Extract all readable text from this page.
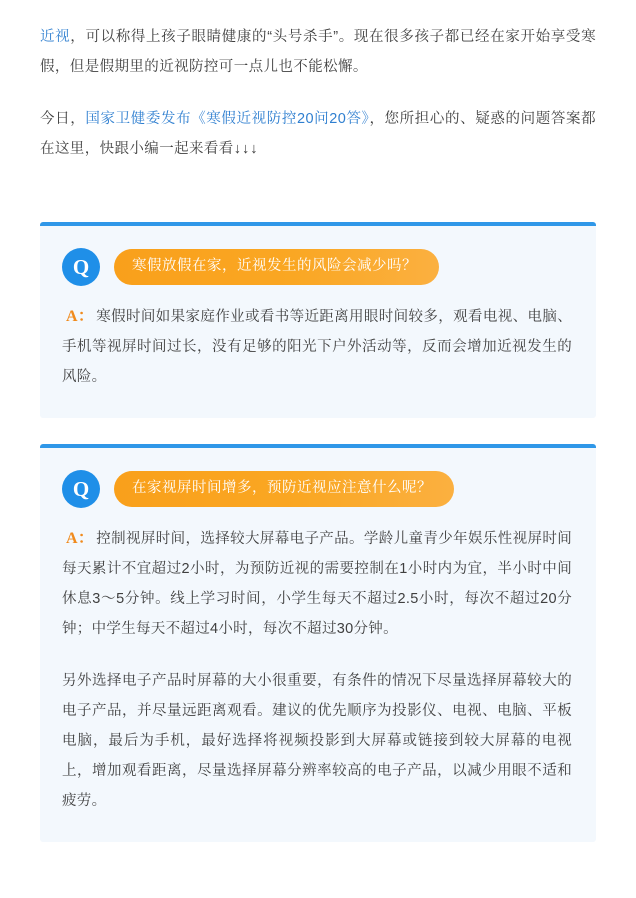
近视，可以称得上孩子眼睛健康的“头号杀手”。现在很多孩子都已经在家开始享受寒假，但是假期里的近视防控可一点儿也不能松懈。

今日，国家卫健委发布《寒假近视防控20问20答》，您所担心的、疑惑的问题答案都在这里，快跟小编一起来看看↓↓↓

Q	寒假放假在家，近视发生的风险会减少吗？

A： 寒假时间如果家庭作业或看书等近距离用眼时间较多，观看电视、电脑、手机等视屏时间过长，没有足够的阳光下户外活动等，反而会增加近视发生的风险。

Q	在家视屏时间增多，预防近视应注意什么呢？

A： 控制视屏时间，选择较大屏幕电子产品。学龄儿童青少年娱乐性视屏时间每天累计不宜超过2小时，为预防近视的需要控制在1小时内为宜，半小时中间休息3～5分钟。线上学习时间，小学生每天不超过2.5小时，每次不超过20分钟；中学生每天不超过4小时，每次不超过30分钟。

另外选择电子产品时屏幕的大小很重要，有条件的情况下尽量选择屏幕较大的电子产品，并尽量远距离观看。建议的优先顺序为投影仪、电视、电脑、平板电脑，最后为手机，最好选择将视频投影到大屏幕或链接到较大屏幕的电视上，增加观看距离，尽量选择屏幕分辨率较高的电子产品，以减少用眼不适和疲劳。
